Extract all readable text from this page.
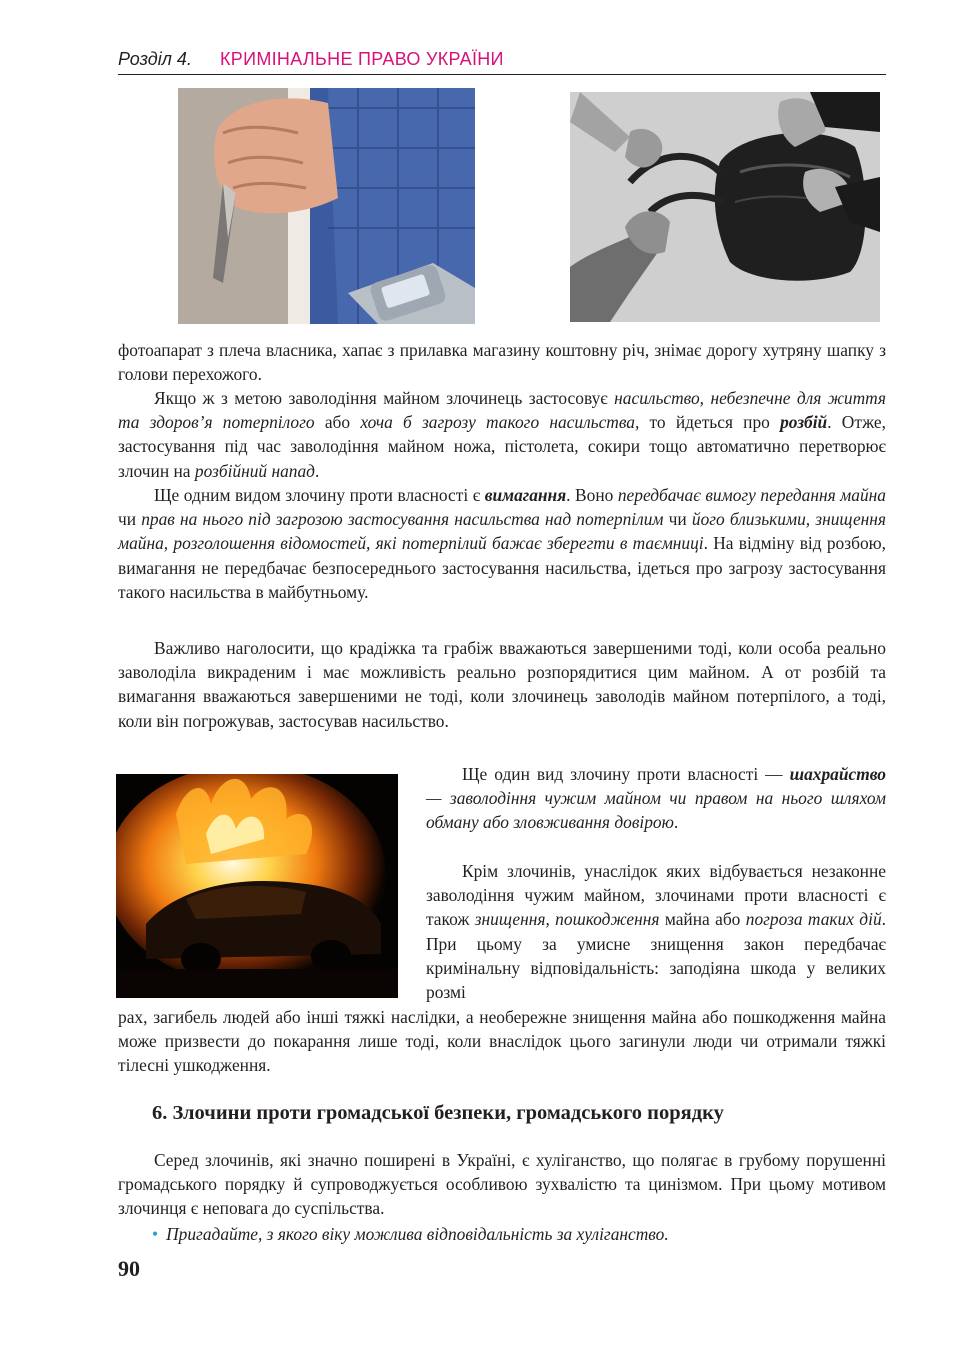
Розділ 4. КРИМІНАЛЬНЕ ПРАВО УКРАЇНИ

фотоапарат з плеча власника, хапає з прилавка магазину коштовну річ, знімає дорогу хутряну шапку з голови перехожого.

Якщо ж з метою заволодіння майном злочинець застосовує насильство, небезпечне для життя та здоров’я потерпілого або хоча б загрозу такого насильства, то йдеться про розбій. Отже, застосування під час заволодіння майном ножа, пістолета, сокири тощо автоматично перетворює злочин на розбійний напад.

Ще одним видом злочину проти власності є вимагання. Воно передбачає вимогу передання майна чи прав на нього під загрозою застосування насильства над потерпілим чи його близькими, знищення майна, розголошення відомостей, які потерпілий бажає зберегти в таємниці. На відміну від розбою, вимагання не передбачає безпосереднього застосування насильства, ідеться про загрозу застосування такого насильства в майбутньому.

Важливо наголосити, що крадіжка та грабіж вважаються завершеними тоді, коли особа реально заволоділа викраденим і має можливість реально розпорядитися цим майном. А от розбій та вимагання вважаються завершеними не тоді, коли злочинець заволодів майном потерпілого, а тоді, коли він погрожував, застосував насильство.

Ще один вид злочину проти власності — шахрайство — заволодіння чужим майном чи правом на нього шляхом обману або зловживання довірою.

Крім злочинів, унаслідок яких відбувається незаконне заволодіння чужим майном, злочинами проти власності є також знищення, пошкодження майна або погроза таких дій. При цьому за умисне знищення закон передбачає кримінальну відповідальність: заподіяна шкода у великих розмі

рах, загибель людей або інші тяжкі наслідки, а необережне знищення майна або пошкодження майна може призвести до покарання лише тоді, коли внаслідок цього загинули люди чи отримали тяжкі тілесні ушкодження.

6. Злочини проти громадської безпеки, громадського порядку

Серед злочинів, які значно поширені в Україні, є хуліганство, що полягає в грубому порушенні громадського порядку й супроводжується особливою зухвалістю та цинізмом. При цьому мотивом злочинця є неповага до суспільства.

• Пригадайте, з якого віку можлива відповідальність за хуліганство.
90
